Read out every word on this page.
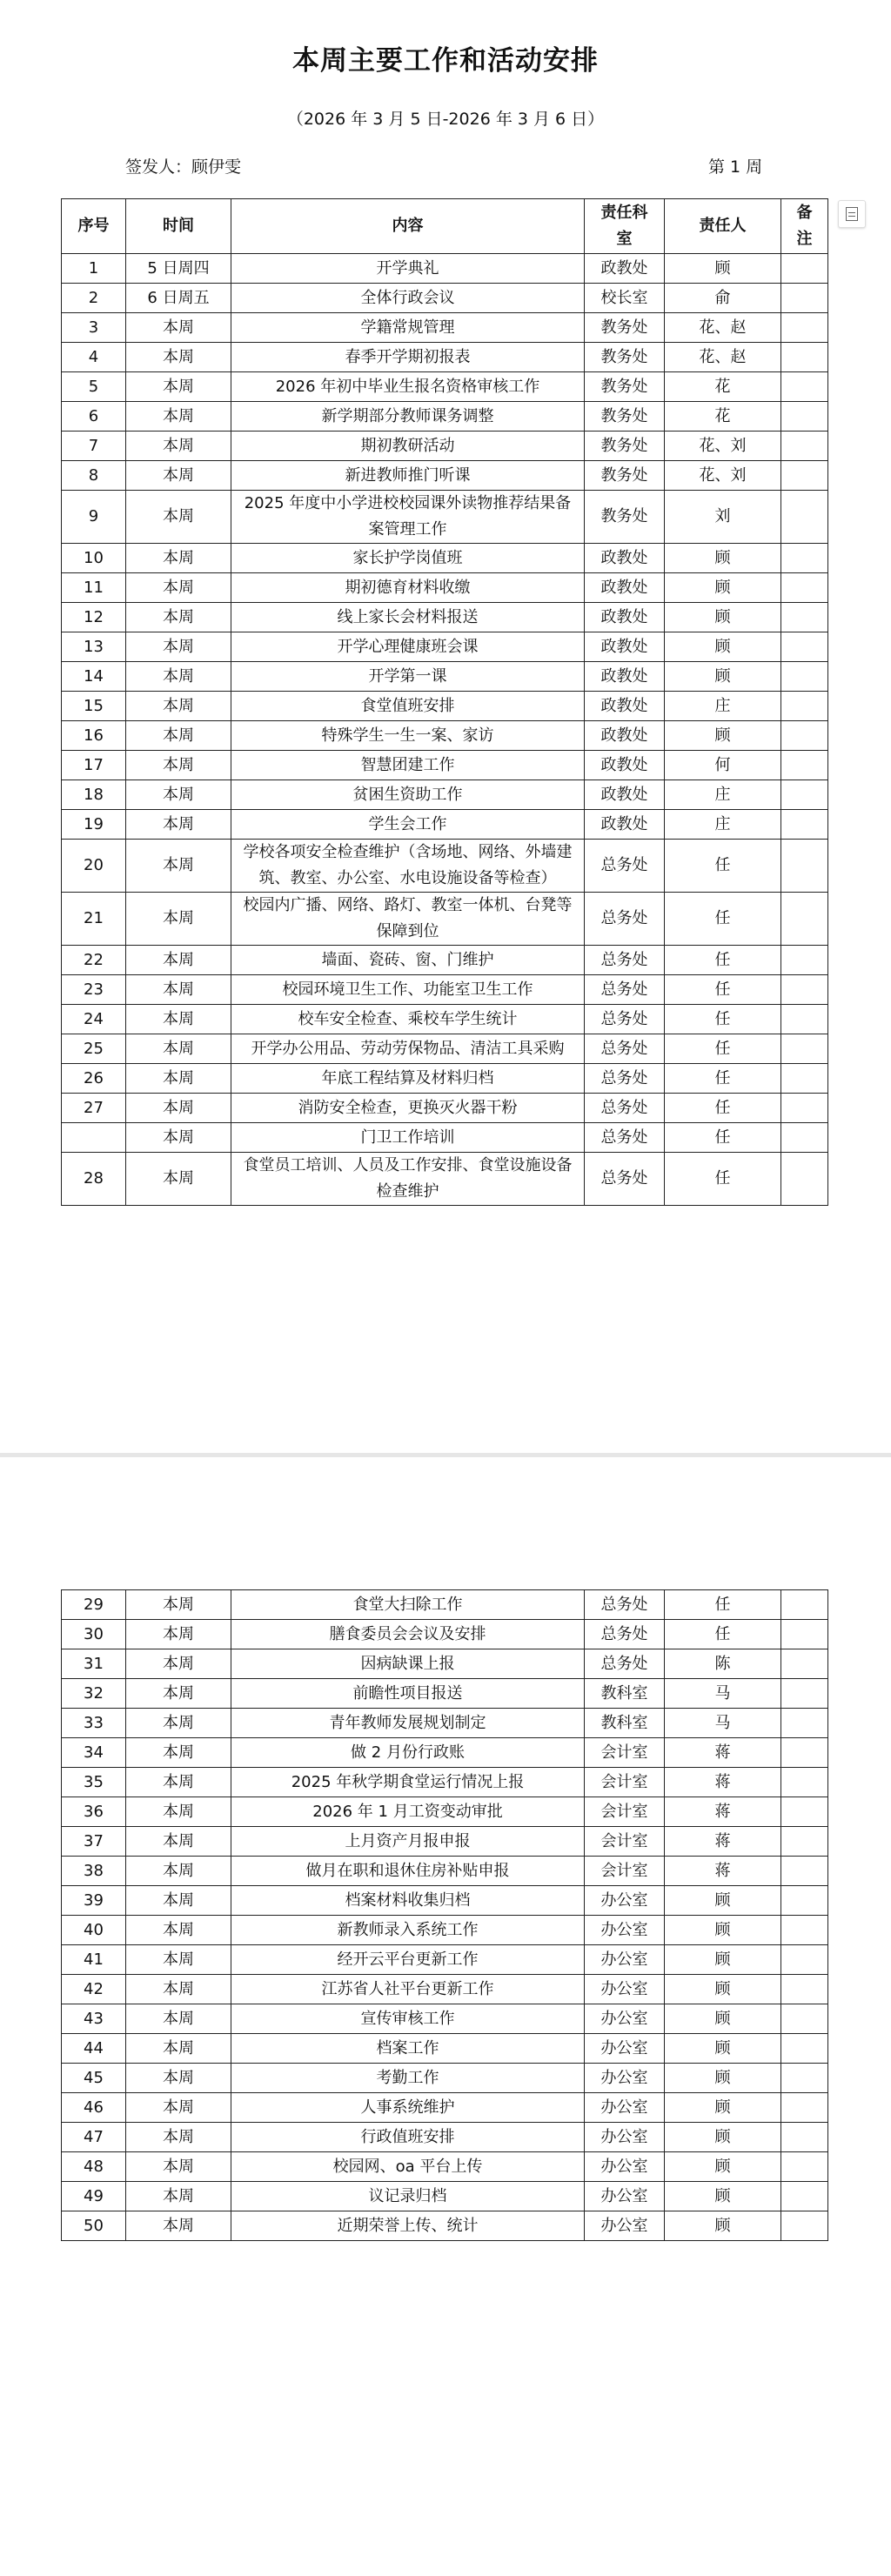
本周主要工作和活动安排
（2026 年 3 月 5 日-2026 年 3 月 6 日）
签发人：顾伊雯	第 1 周
序号	时间	内容	责任科室	责任人	备注
1	5 日周四	开学典礼	政教处	顾	
2	6 日周五	全体行政会议	校长室	俞	
3	本周	学籍常规管理	教务处	花、赵	
4	本周	春季开学期初报表	教务处	花、赵	
5	本周	2026 年初中毕业生报名资格审核工作	教务处	花	
6	本周	新学期部分教师课务调整	教务处	花	
7	本周	期初教研活动	教务处	花、刘	
8	本周	新进教师推门听课	教务处	花、刘	
9	本周	2025 年度中小学进校校园课外读物推荐结果备案管理工作	教务处	刘	
10	本周	家长护学岗值班	政教处	顾	
11	本周	期初德育材料收缴	政教处	顾	
12	本周	线上家长会材料报送	政教处	顾	
13	本周	开学心理健康班会课	政教处	顾	
14	本周	开学第一课	政教处	顾	
15	本周	食堂值班安排	政教处	庄	
16	本周	特殊学生一生一案、家访	政教处	顾	
17	本周	智慧团建工作	政教处	何	
18	本周	贫困生资助工作	政教处	庄	
19	本周	学生会工作	政教处	庄	
20	本周	学校各项安全检查维护（含场地、网络、外墙建筑、教室、办公室、水电设施设备等检查）	总务处	任	
21	本周	校园内广播、网络、路灯、教室一体机、台凳等保障到位	总务处	任	
22	本周	墙面、瓷砖、窗、门维护	总务处	任	
23	本周	校园环境卫生工作、功能室卫生工作	总务处	任	
24	本周	校车安全检查、乘校车学生统计	总务处	任	
25	本周	开学办公用品、劳动劳保物品、清洁工具采购	总务处	任	
26	本周	年底工程结算及材料归档	总务处	任	
27	本周	消防安全检查，更换灭火器干粉	总务处	任	
	本周	门卫工作培训	总务处	任	
28	本周	食堂员工培训、人员及工作安排、食堂设施设备检查维护	总务处	任	
29	本周	食堂大扫除工作	总务处	任	
30	本周	膳食委员会会议及安排	总务处	任	
31	本周	因病缺课上报	总务处	陈	
32	本周	前瞻性项目报送	教科室	马	
33	本周	青年教师发展规划制定	教科室	马	
34	本周	做 2 月份行政账	会计室	蒋	
35	本周	2025 年秋学期食堂运行情况上报	会计室	蒋	
36	本周	2026 年 1 月工资变动审批	会计室	蒋	
37	本周	上月资产月报申报	会计室	蒋	
38	本周	做月在职和退休住房补贴申报	会计室	蒋	
39	本周	档案材料收集归档	办公室	顾	
40	本周	新教师录入系统工作	办公室	顾	
41	本周	经开云平台更新工作	办公室	顾	
42	本周	江苏省人社平台更新工作	办公室	顾	
43	本周	宣传审核工作	办公室	顾	
44	本周	档案工作	办公室	顾	
45	本周	考勤工作	办公室	顾	
46	本周	人事系统维护	办公室	顾	
47	本周	行政值班安排	办公室	顾	
48	本周	校园网、oa 平台上传	办公室	顾	
49	本周	议记录归档	办公室	顾	
50	本周	近期荣誉上传、统计	办公室	顾	
